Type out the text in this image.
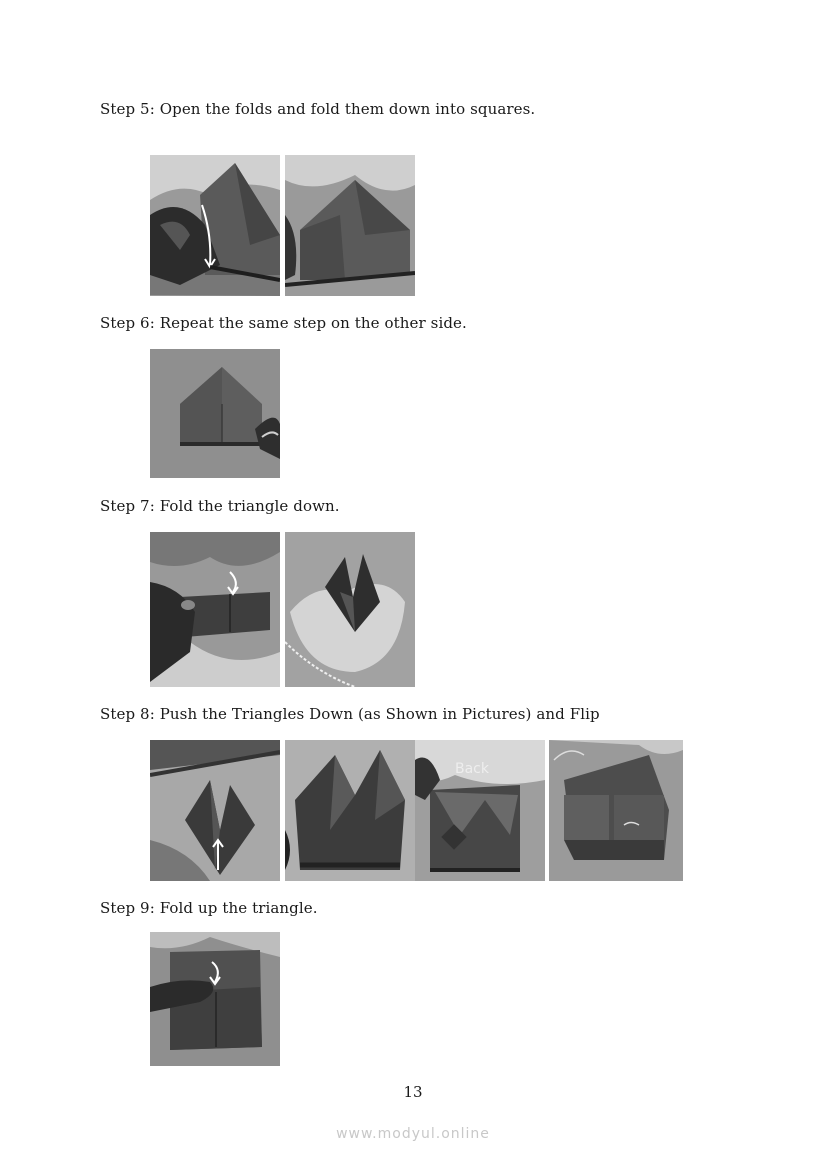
Step 5: Open the folds and fold them down into squares.
Step 6: Repeat the same step on the other side.
Step 7: Fold the triangle down.
Step 8: Push the Triangles Down (as Shown in Pictures) and Flip
Back
Step 9: Fold up the triangle.
13
www.modyul.online
